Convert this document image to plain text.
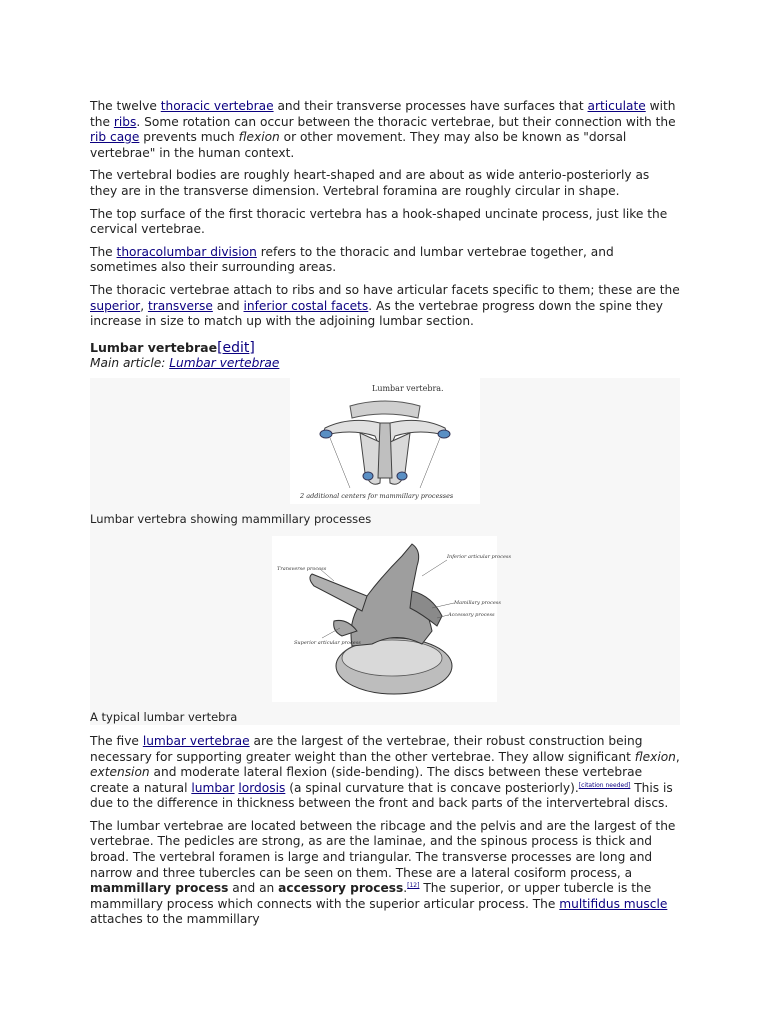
The twelve thoracic vertebrae and their transverse processes have surfaces that articulate with the ribs. Some rotation can occur between the thoracic vertebrae, but their connection with the rib cage prevents much flexion or other movement. They may also be known as "dorsal vertebrae" in the human context.

The vertebral bodies are roughly heart-shaped and are about as wide anterio-posteriorly as they are in the transverse dimension. Vertebral foramina are roughly circular in shape.

The top surface of the first thoracic vertebra has a hook-shaped uncinate process, just like the cervical vertebrae.

The thoracolumbar division refers to the thoracic and lumbar vertebrae together, and sometimes also their surrounding areas.

The thoracic vertebrae attach to ribs and so have articular facets specific to them; these are the superior, transverse and inferior costal facets. As the vertebrae progress down the spine they increase in size to match up with the adjoining lumbar section.

Lumbar vertebrae[edit]
Main article: Lumbar vertebrae
Lumbar vertebra.
2 additional centers for mammillary processes
Lumbar vertebra showing mammillary processes
Transverse process
Inferior articular process
Mamillary process
Accessory process
Superior articular process
A typical lumbar vertebra

The five lumbar vertebrae are the largest of the vertebrae, their robust construction being necessary for supporting greater weight than the other vertebrae. They allow significant flexion, extension and moderate lateral flexion (side-bending). The discs between these vertebrae create a natural lumbar lordosis (a spinal curvature that is concave posteriorly).[citation needed] This is due to the difference in thickness between the front and back parts of the intervertebral discs.

The lumbar vertebrae are located between the ribcage and the pelvis and are the largest of the vertebrae. The pedicles are strong, as are the laminae, and the spinous process is thick and broad. The vertebral foramen is large and triangular. The transverse processes are long and narrow and three tubercles can be seen on them. These are a lateral cosiform process, a mammillary process and an accessory process.[12] The superior, or upper tubercle is the mammillary process which connects with the superior articular process. The multifidus muscle attaches to the mammillary
